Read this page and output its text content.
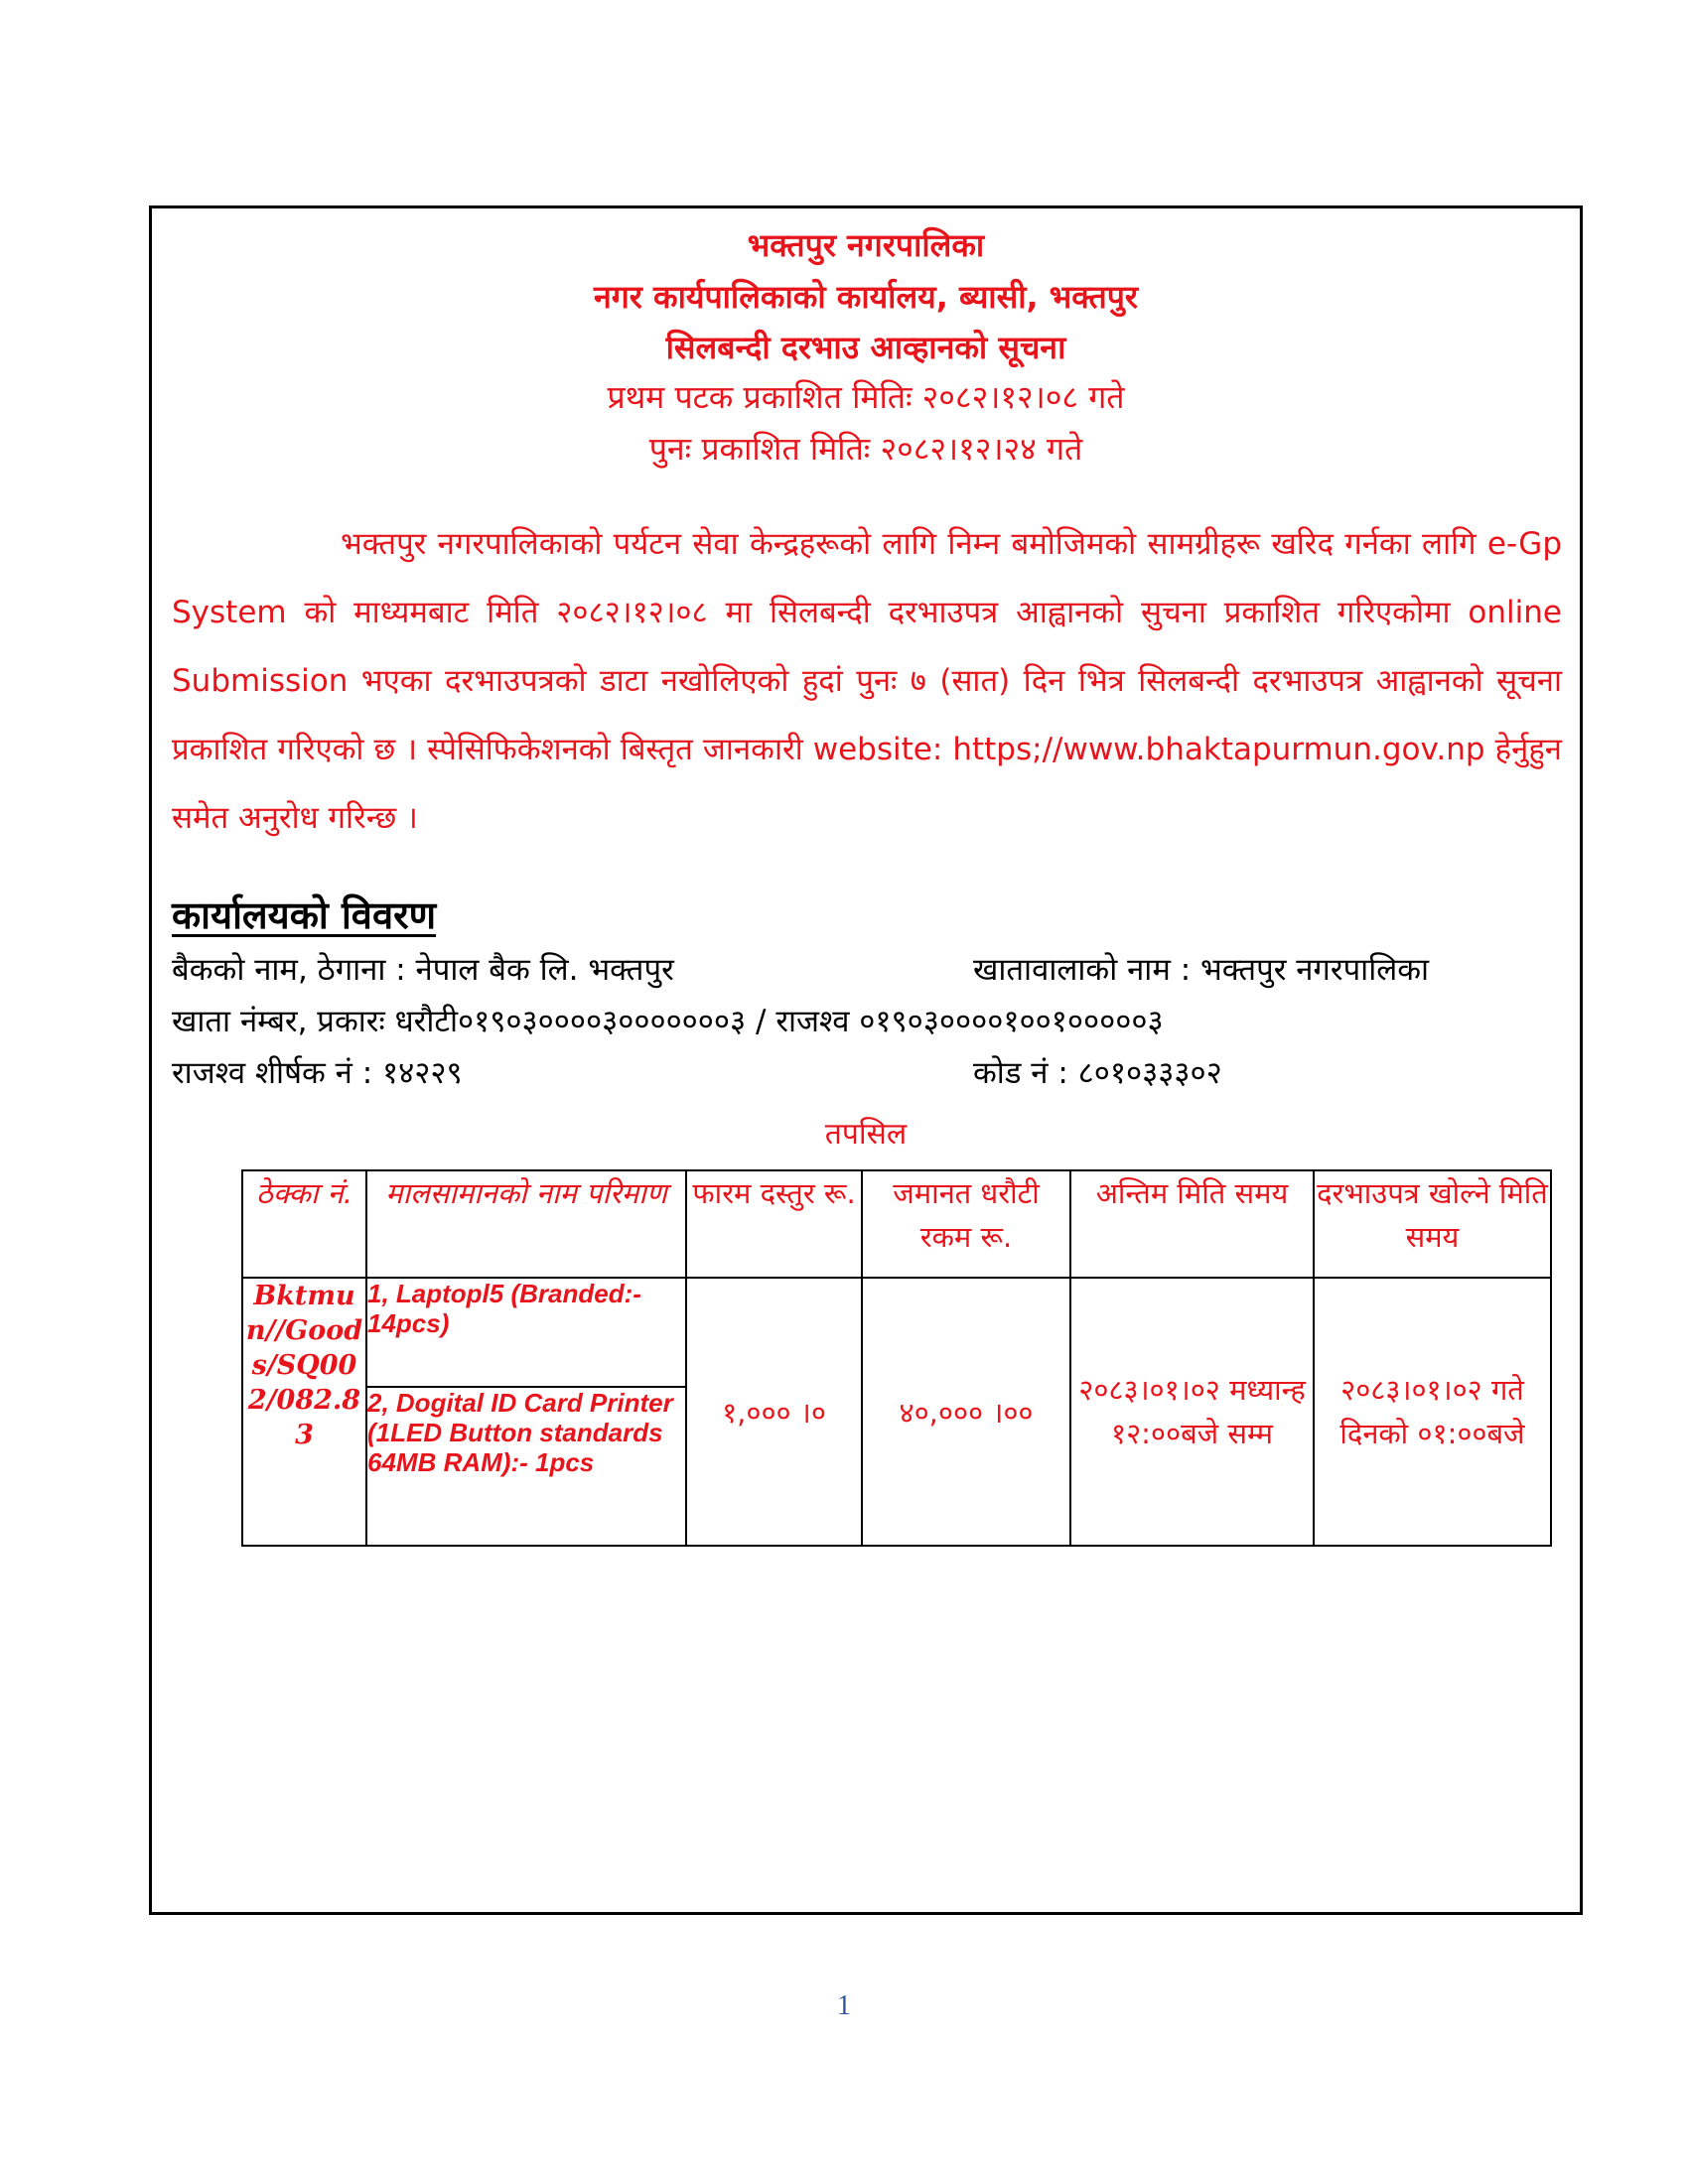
भक्तपुर नगरपालिका
नगर कार्यपालिकाको कार्यालय, ब्यासी, भक्तपुर
सिलबन्दी दरभाउ आव्हानको सूचना
प्रथम पटक प्रकाशित मितिः २०८२।१२।०८ गते
पुनः प्रकाशित मितिः २०८२।१२।२४ गते
भक्तपुर नगरपालिकाको पर्यटन सेवा केन्द्रहरूको लागि निम्न बमोजिमको सामग्रीहरू खरिद गर्नका लागि e-Gp System को माध्यमबाट मिति २०८२।१२।०८ मा सिलबन्दी दरभाउपत्र आह्वानको सुचना प्रकाशित गरिएकोमा online Submission भएका दरभाउपत्रको डाटा नखोलिएको हुदां पुनः ७ (सात) दिन भित्र सिलबन्दी दरभाउपत्र आह्वानको सूचना प्रकाशित गरिएको छ । स्पेसिफिकेशनको बिस्तृत जानकारी website: https;//www.bhaktapurmun.gov.np हेर्नुहुन समेत अनुरोध गरिन्छ ।
कार्यालयको विवरण
बैकको नाम, ठेगाना : नेपाल बैक लि. भक्तपुर	खातावालाको नाम : भक्तपुर नगरपालिका
खाता नंम्बर, प्रकारः धरौटी०१९०३००००३०००००००३ / राजश्व ०१९०३००००१००१०००००३
राजश्व शीर्षक नं : १४२२९	कोड नं : ८०१०३३३०२
तपसिल
ठेक्का नं.	मालसामानको नाम परिमाण	फारम दस्तुर रू.	जमानत धरौटी रकम रू.	अन्तिम मिति समय	दरभाउपत्र खोल्ने मिति समय
Bktmun//Goods/SQ002/082.83	1, Laptopl5 (Branded:- 14pcs)	१,००० ।०	४०,००० ।००	२०८३।०१।०२ मध्यान्ह १२:००बजे सम्म	२०८३।०१।०२ गते दिनको ०१:००बजे
	2, Dogital ID Card Printer (1LED Button standards 64MB RAM):- 1pcs				
1
